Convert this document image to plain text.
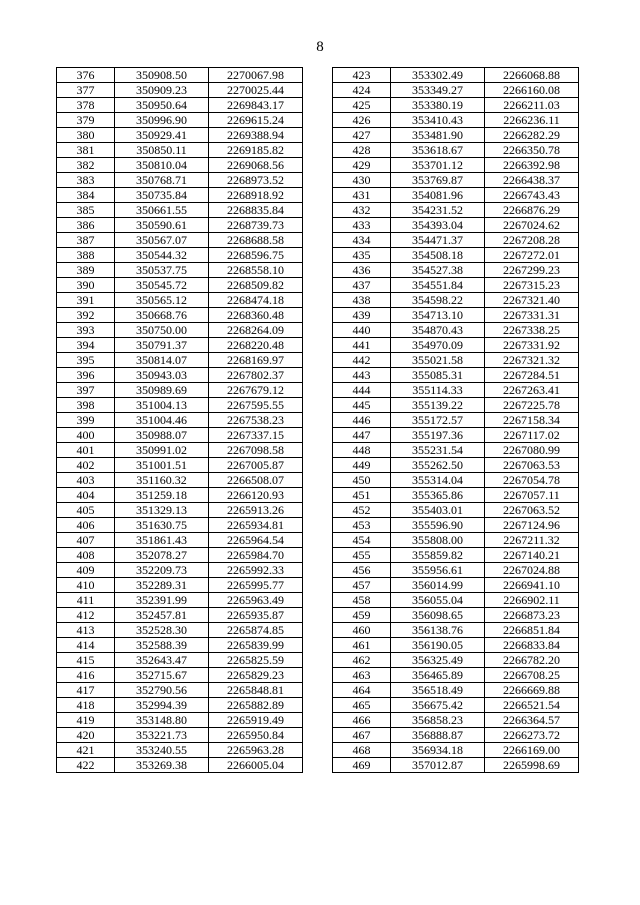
8
376	350908.50	2270067.98
377	350909.23	2270025.44
378	350950.64	2269843.17
379	350996.90	2269615.24
380	350929.41	2269388.94
381	350850.11	2269185.82
382	350810.04	2269068.56
383	350768.71	2268973.52
384	350735.84	2268918.92
385	350661.55	2268835.84
386	350590.61	2268739.73
387	350567.07	2268688.58
388	350544.32	2268596.75
389	350537.75	2268558.10
390	350545.72	2268509.82
391	350565.12	2268474.18
392	350668.76	2268360.48
393	350750.00	2268264.09
394	350791.37	2268220.48
395	350814.07	2268169.97
396	350943.03	2267802.37
397	350989.69	2267679.12
398	351004.13	2267595.55
399	351004.46	2267538.23
400	350988.07	2267337.15
401	350991.02	2267098.58
402	351001.51	2267005.87
403	351160.32	2266508.07
404	351259.18	2266120.93
405	351329.13	2265913.26
406	351630.75	2265934.81
407	351861.43	2265964.54
408	352078.27	2265984.70
409	352209.73	2265992.33
410	352289.31	2265995.77
411	352391.99	2265963.49
412	352457.81	2265935.87
413	352528.30	2265874.85
414	352588.39	2265839.99
415	352643.47	2265825.59
416	352715.67	2265829.23
417	352790.56	2265848.81
418	352994.39	2265882.89
419	353148.80	2265919.49
420	353221.73	2265950.84
421	353240.55	2265963.28
422	353269.38	2266005.04
423	353302.49	2266068.88
424	353349.27	2266160.08
425	353380.19	2266211.03
426	353410.43	2266236.11
427	353481.90	2266282.29
428	353618.67	2266350.78
429	353701.12	2266392.98
430	353769.87	2266438.37
431	354081.96	2266743.43
432	354231.52	2266876.29
433	354393.04	2267024.62
434	354471.37	2267208.28
435	354508.18	2267272.01
436	354527.38	2267299.23
437	354551.84	2267315.23
438	354598.22	2267321.40
439	354713.10	2267331.31
440	354870.43	2267338.25
441	354970.09	2267331.92
442	355021.58	2267321.32
443	355085.31	2267284.51
444	355114.33	2267263.41
445	355139.22	2267225.78
446	355172.57	2267158.34
447	355197.36	2267117.02
448	355231.54	2267080.99
449	355262.50	2267063.53
450	355314.04	2267054.78
451	355365.86	2267057.11
452	355403.01	2267063.52
453	355596.90	2267124.96
454	355808.00	2267211.32
455	355859.82	2267140.21
456	355956.61	2267024.88
457	356014.99	2266941.10
458	356055.04	2266902.11
459	356098.65	2266873.23
460	356138.76	2266851.84
461	356190.05	2266833.84
462	356325.49	2266782.20
463	356465.89	2266708.25
464	356518.49	2266669.88
465	356675.42	2266521.54
466	356858.23	2266364.57
467	356888.87	2266273.72
468	356934.18	2266169.00
469	357012.87	2265998.69
